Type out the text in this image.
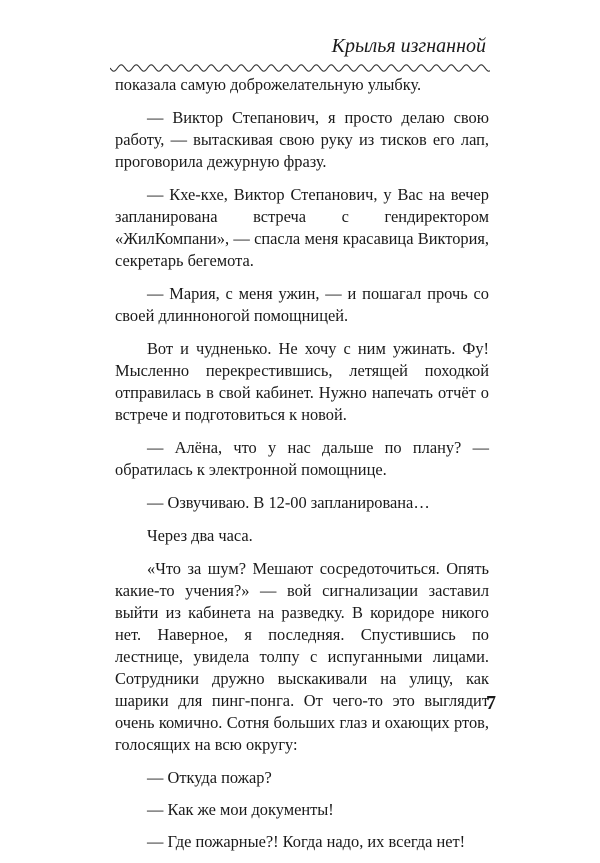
Крылья изгнанной

показала самую доброжелательную улыбку.

— Виктор Степанович, я просто делаю свою работу, — вытаскивая свою руку из тисков его лап, проговорила дежурную фразу.

— Кхе-кхе, Виктор Степанович, у Вас на вечер запланирована встреча с гендиректором «ЖилКомпани», — спасла меня красавица Виктория, секретарь бегемота.

— Мария, с меня ужин, — и пошагал прочь со своей длинноногой помощницей.

Вот и чудненько. Не хочу с ним ужинать. Фу! Мысленно перекрестившись, летящей походкой отправилась в свой кабинет. Нужно напечать отчёт о встрече и подготовиться к новой.

— Алёна, что у нас дальше по плану? — обратилась к электронной помощнице.

— Озвучиваю. В 12-00 запланирована…

Через два часа.

«Что за шум? Мешают сосредоточиться. Опять какие-то учения?» — вой сигнализации заставил выйти из кабинета на разведку. В коридоре никого нет. Наверное, я последняя. Спустившись по лестнице, увидела толпу с испуганными лицами. Сотрудники дружно выскакивали на улицу, как шарики для пинг-понга. От чего-то это выглядит очень комично. Сотня больших глаз и охающих ртов, голосящих на всю округу:

— Откуда пожар?

— Как же мои документы!

— Где пожарные?! Когда надо, их всегда нет!

7
